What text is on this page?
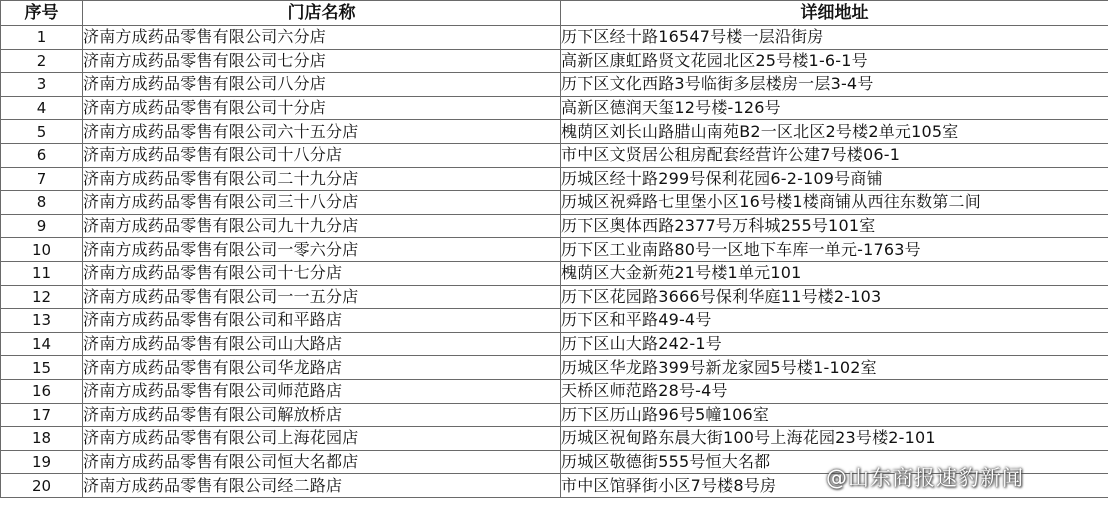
序号	门店名称	详细地址
1	济南方成药品零售有限公司六分店	历下区经十路16547号楼一层沿街房
2	济南方成药品零售有限公司七分店	高新区康虹路贤文花园北区25号楼1-6-1号
3	济南方成药品零售有限公司八分店	历下区文化西路3号临街多层楼房一层3-4号
4	济南方成药品零售有限公司十分店	高新区德润天玺12号楼-126号
5	济南方成药品零售有限公司六十五分店	槐荫区刘长山路腊山南苑B2一区北区2号楼2单元105室
6	济南方成药品零售有限公司十八分店	市中区文贤居公租房配套经营许公建7号楼06-1
7	济南方成药品零售有限公司二十九分店	历城区经十路299号保利花园6-2-109号商铺
8	济南方成药品零售有限公司三十八分店	历城区祝舜路七里堡小区16号楼1楼商铺从西往东数第二间
9	济南方成药品零售有限公司九十九分店	历下区奥体西路2377号万科城255号101室
10	济南方成药品零售有限公司一零六分店	历下区工业南路80号一区地下车库一单元-1763号
11	济南方成药品零售有限公司十七分店	槐荫区大金新苑21号楼1单元101
12	济南方成药品零售有限公司一一五分店	历下区花园路3666号保利华庭11号楼2-103
13	济南方成药品零售有限公司和平路店	历下区和平路49-4号
14	济南方成药品零售有限公司山大路店	历下区山大路242-1号
15	济南方成药品零售有限公司华龙路店	历城区华龙路399号新龙家园5号楼1-102室
16	济南方成药品零售有限公司师范路店	天桥区师范路28号-4号
17	济南方成药品零售有限公司解放桥店	历下区历山路96号5幢106室
18	济南方成药品零售有限公司上海花园店	历城区祝甸路东晨大街100号上海花园23号楼2-101
19	济南方成药品零售有限公司恒大名都店	历城区敬德街555号恒大名都
20	济南方成药品零售有限公司经二路店	市中区馆驿街小区7号楼8号房 @山东商报速豹新闻
